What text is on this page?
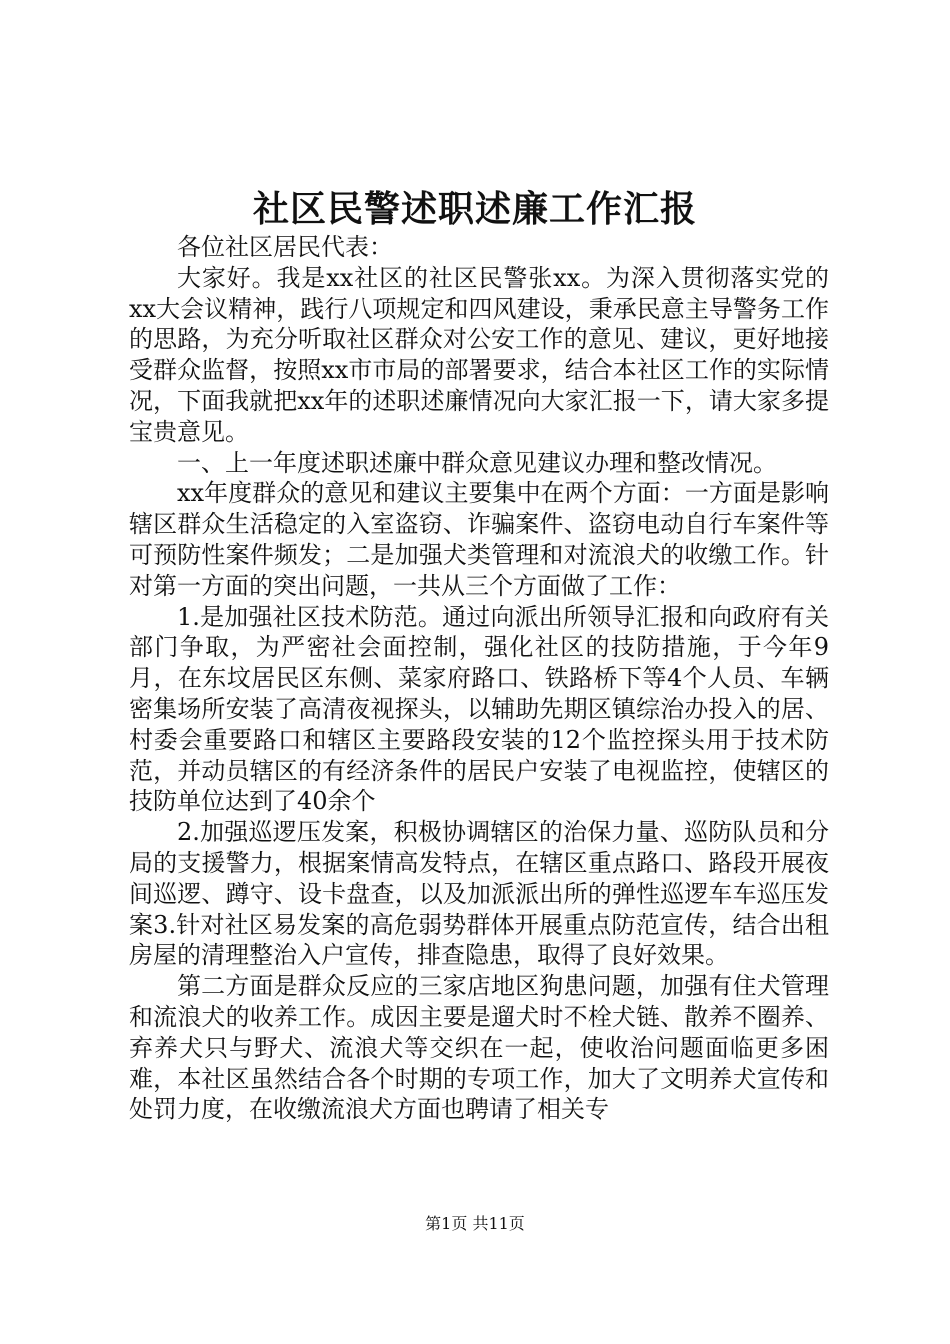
社区民警述职述廉工作汇报

各位社区居民代表：

大家好。我是xx社区的社区民警张xx。为深入贯彻落实党的xx大会议精神，践行八项规定和四风建设，秉承民意主导警务工作的思路，为充分听取社区群众对公安工作的意见、建议，更好地接受群众监督，按照xx市市局的部署要求，结合本社区工作的实际情况，下面我就把xx年的述职述廉情况向大家汇报一下，请大家多提宝贵意见。

一、上一年度述职述廉中群众意见建议办理和整改情况。

xx年度群众的意见和建议主要集中在两个方面：一方面是影响辖区群众生活稳定的入室盗窃、诈骗案件、盗窃电动自行车案件等可预防性案件频发；二是加强犬类管理和对流浪犬的收缴工作。针对第一方面的突出问题，一共从三个方面做了工作：

1.是加强社区技术防范。通过向派出所领导汇报和向政府有关部门争取，为严密社会面控制，强化社区的技防措施，于今年9月，在东坟居民区东侧、菜家府路口、铁路桥下等4个人员、车辆密集场所安装了高清夜视探头，以辅助先期区镇综治办投入的居、村委会重要路口和辖区主要路段安装的12个监控探头用于技术防范，并动员辖区的有经济条件的居民户安装了电视监控，使辖区的技防单位达到了40余个

2.加强巡逻压发案，积极协调辖区的治保力量、巡防队员和分局的支援警力，根据案情高发特点，在辖区重点路口、路段开展夜间巡逻、蹲守、设卡盘查，以及加派派出所的弹性巡逻车车巡压发案3.针对社区易发案的高危弱势群体开展重点防范宣传，结合出租房屋的清理整治入户宣传，排查隐患，取得了良好效果。

第二方面是群众反应的三家店地区狗患问题，加强有住犬管理和流浪犬的收养工作。成因主要是遛犬时不栓犬链、散养不圈养、弃养犬只与野犬、流浪犬等交织在一起，使收治问题面临更多困难，本社区虽然结合各个时期的专项工作，加大了文明养犬宣传和处罚力度，在收缴流浪犬方面也聘请了相关专

第1页 共11页
